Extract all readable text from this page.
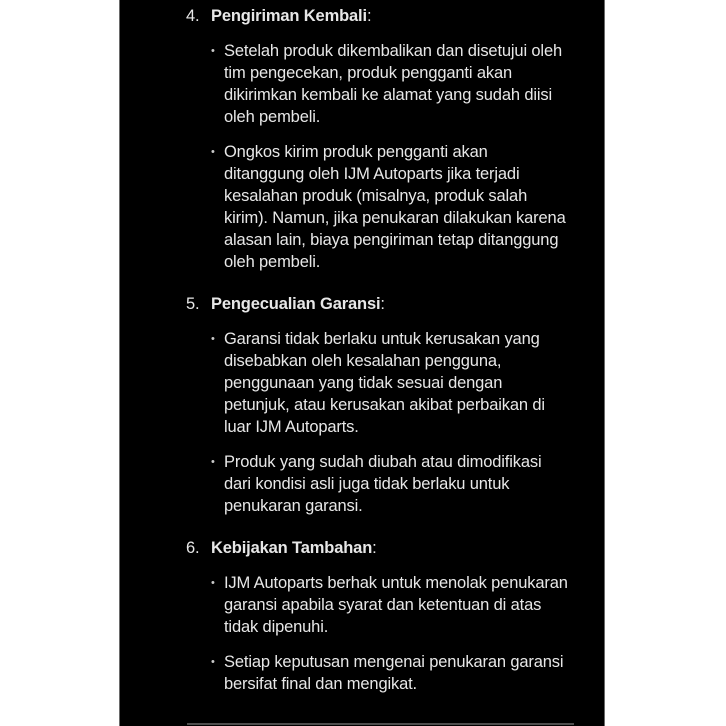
4. Pengiriman Kembali:
• Setelah produk dikembalikan dan disetujui oleh
tim pengecekan, produk pengganti akan
dikirimkan kembali ke alamat yang sudah diisi
oleh pembeli.
• Ongkos kirim produk pengganti akan
ditanggung oleh IJM Autoparts jika terjadi
kesalahan produk (misalnya, produk salah
kirim). Namun, jika penukaran dilakukan karena
alasan lain, biaya pengiriman tetap ditanggung
oleh pembeli.
5. Pengecualian Garansi:
• Garansi tidak berlaku untuk kerusakan yang
disebabkan oleh kesalahan pengguna,
penggunaan yang tidak sesuai dengan
petunjuk, atau kerusakan akibat perbaikan di
luar IJM Autoparts.
• Produk yang sudah diubah atau dimodifikasi
dari kondisi asli juga tidak berlaku untuk
penukaran garansi.
6. Kebijakan Tambahan:
• IJM Autoparts berhak untuk menolak penukaran
garansi apabila syarat dan ketentuan di atas
tidak dipenuhi.
• Setiap keputusan mengenai penukaran garansi
bersifat final dan mengikat.
